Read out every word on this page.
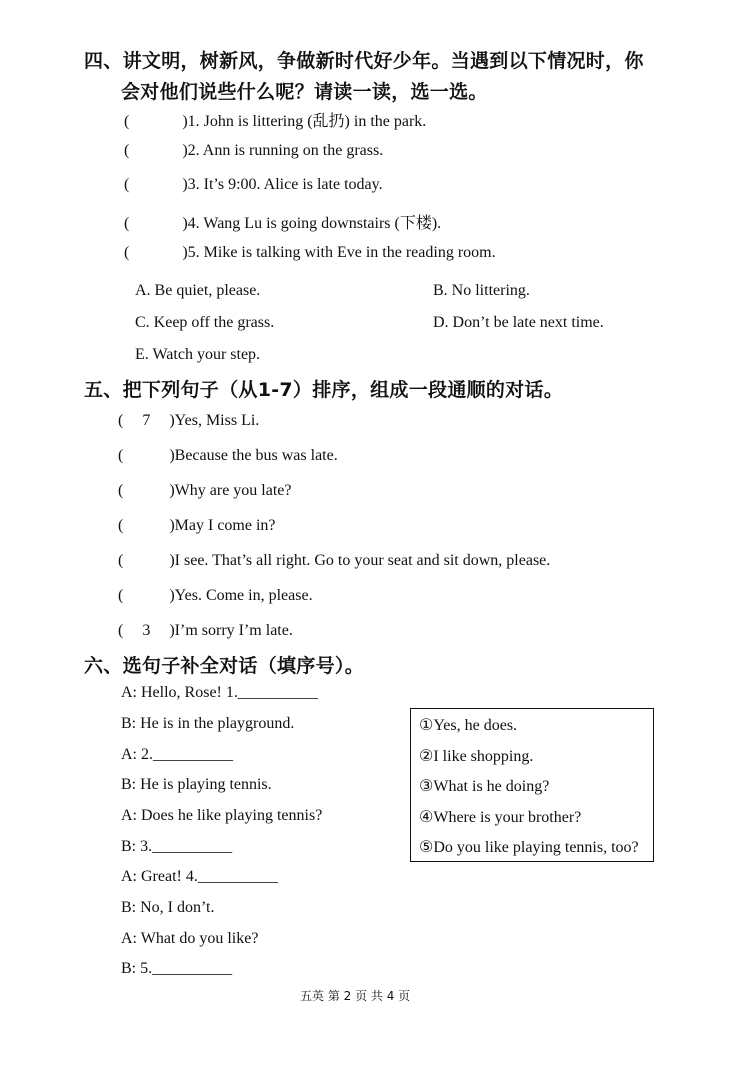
四、讲文明，树新风，争做新时代好少年。当遇到以下情况时，你
会对他们说些什么呢？请读一读，选一选。
(	)1. John is littering (乱扔) in the park.
(	)2. Ann is running on the grass.
(	)3. It’s 9:00. Alice is late today.
(	)4. Wang Lu is going downstairs (下楼).
(	)5. Mike is talking with Eve in the reading room.
A. Be quiet, please.	B. No littering.
C. Keep off the grass.	D. Don’t be late next time.
E. Watch your step.
五、把下列句子（从1-7）排序，组成一段通顺的对话。
( 7 )Yes, Miss Li.
(	)Because the bus was late.
(	)Why are you late?
(	)May I come in?
(	)I see. That’s all right. Go to your seat and sit down, please.
(	)Yes. Come in, please.
( 3 )I’m sorry I’m late.
六、选句子补全对话（填序号）。
A: Hello, Rose! 1.__________
B: He is in the playground.
A: 2.__________
B: He is playing tennis.
A: Does he like playing tennis?
B: 3.__________
A: Great! 4.__________
B: No, I don’t.
A: What do you like?
B: 5.__________
①Yes, he does.
②I like shopping.
③What is he doing?
④Where is your brother?
⑤Do you like playing tennis, too?
五英 第 2 页 共 4 页
